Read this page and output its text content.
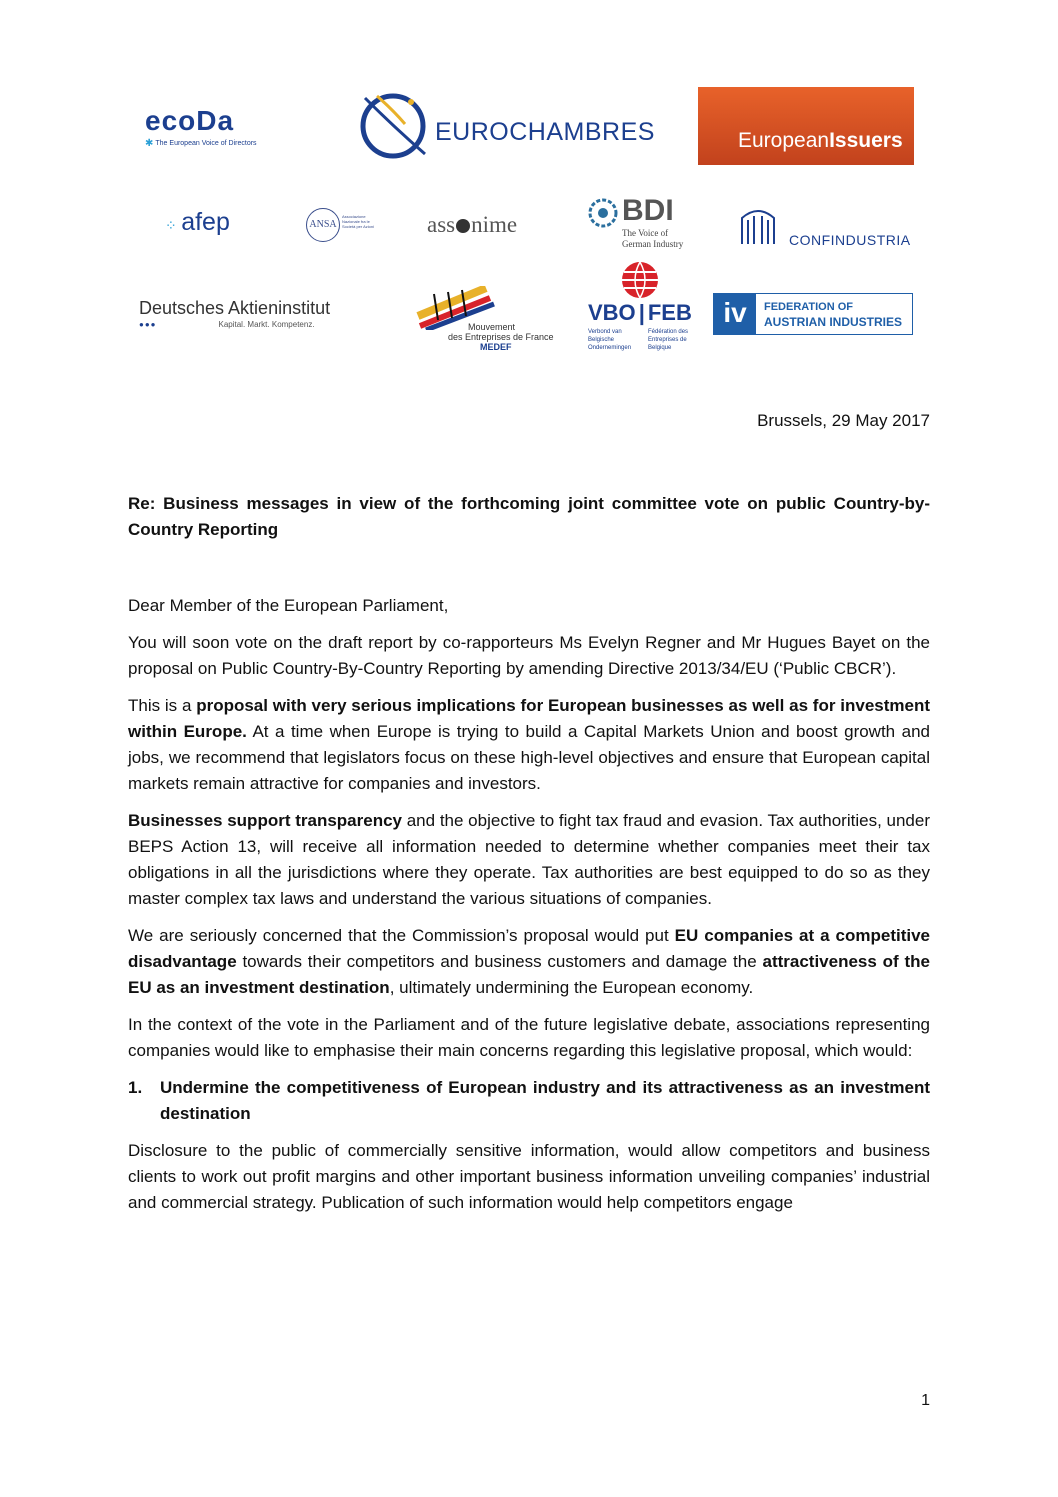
ecoDa
✱ The European Voice of Directors	EUROCHAMBRES	EuropeanIssuers
⁘ afep	ANSA
Associazione Nazionale fra le Società per Azioni ass nime	BDI
The Voice of
German Industry	CONFINDUSTRIA
Deutsches Aktieninstitut
●●●	Kapital. Markt. Kompetenz.	Mouvement
des Entreprises de France
MEDEF
VBO | FEB
Verbond van
Belgische
Ondernemingen
Fédération des
Entreprises de
Belgique
iv	FEDERATION OF
AUSTRIAN INDUSTRIES
Brussels, 29 May 2017
Re: Business messages in view of the forthcoming joint committee vote on public Country-by-Country Reporting

Dear Member of the European Parliament,

You will soon vote on the draft report by co-rapporteurs Ms Evelyn Regner and Mr Hugues Bayet on the proposal on Public Country-By-Country Reporting by amending Directive 2013/34/EU (‘Public CBCR’).

This is a proposal with very serious implications for European businesses as well as for investment within Europe. At a time when Europe is trying to build a Capital Markets Union and boost growth and jobs, we recommend that legislators focus on these high-level objectives and ensure that European capital markets remain attractive for companies and investors.

Businesses support transparency and the objective to fight tax fraud and evasion. Tax authorities, under BEPS Action 13, will receive all information needed to determine whether companies meet their tax obligations in all the jurisdictions where they operate. Tax authorities are best equipped to do so as they master complex tax laws and understand the various situations of companies.

We are seriously concerned that the Commission’s proposal would put EU companies at a competitive disadvantage towards their competitors and business customers and damage the attractiveness of the EU as an investment destination, ultimately undermining the European economy.

In the context of the vote in the Parliament and of the future legislative debate, associations representing companies would like to emphasise their main concerns regarding this legislative proposal, which would:

1.	Undermine the competitiveness of European industry and its attractiveness as an investment destination

Disclosure to the public of commercially sensitive information, would allow competitors and business clients to work out profit margins and other important business information unveiling companies’ industrial and commercial strategy. Publication of such information would help competitors engage

1
